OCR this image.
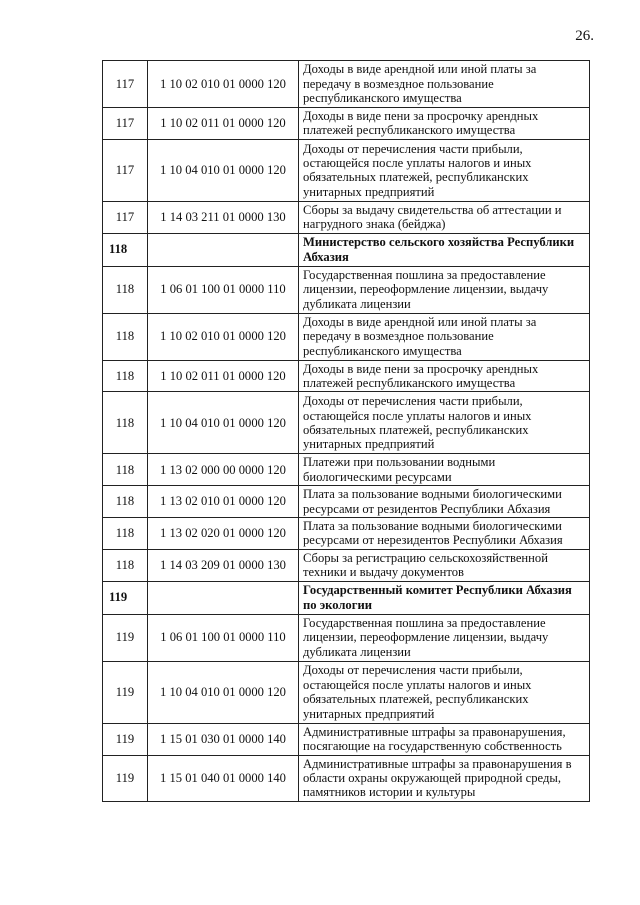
26.
117	1 10 02 010 01 0000 120	Доходы в виде арендной или иной платы за передачу в возмездное пользование республиканского имущества
117	1 10 02 011 01 0000 120	Доходы в виде пени за просрочку арендных платежей республиканского имущества
117	1 10 04 010 01 0000 120	Доходы от перечисления части прибыли, остающейся после уплаты налогов и иных обязательных платежей, республиканских унитарных предприятий
117	1 14 03 211 01 0000 130	Сборы за выдачу свидетельства об аттестации и нагрудного знака (бейджа)
118		Министерство сельского хозяйства Республики Абхазия
118	1 06 01 100 01 0000 110	Государственная пошлина за предоставление лицензии, переоформление лицензии, выдачу дубликата лицензии
118	1 10 02 010 01 0000 120	Доходы в виде арендной или иной платы за передачу в возмездное пользование республиканского имущества
118	1 10 02 011 01 0000 120	Доходы в виде пени за просрочку арендных платежей республиканского имущества
118	1 10 04 010 01 0000 120	Доходы от перечисления части прибыли, остающейся после уплаты налогов и иных обязательных платежей, республиканских унитарных предприятий
118	1 13 02 000 00 0000 120	Платежи при пользовании водными биологическими ресурсами
118	1 13 02 010 01 0000 120	Плата за пользование водными биологическими ресурсами от резидентов Республики Абхазия
118	1 13 02 020 01 0000 120	Плата за пользование водными биологическими ресурсами от нерезидентов Республики Абхазия
118	1 14 03 209 01 0000 130	Сборы за регистрацию сельскохозяйственной техники и выдачу документов
119		Государственный комитет Республики Абхазия по экологии
119	1 06 01 100 01 0000 110	Государственная пошлина за предоставление лицензии, переоформление лицензии, выдачу дубликата лицензии
119	1 10 04 010 01 0000 120	Доходы от перечисления части прибыли, остающейся после уплаты налогов и иных обязательных платежей, республиканских унитарных предприятий
119	1 15 01 030 01 0000 140	Административные штрафы за правонарушения, посягающие на государственную собственность
119	1 15 01 040 01 0000 140	Административные штрафы за правонарушения в области охраны окружающей природной среды, памятников истории и культуры
